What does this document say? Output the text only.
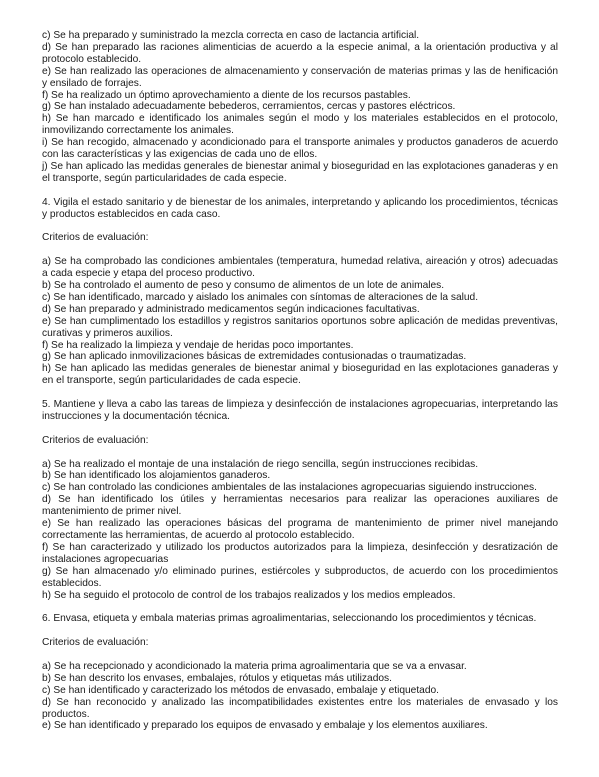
c) Se ha preparado y suministrado la mezcla correcta en caso de lactancia artificial.

d) Se han preparado las raciones alimenticias de acuerdo a la especie animal, a la orientación productiva y al protocolo establecido.

e) Se han realizado las operaciones de almacenamiento y conservación de materias primas y las de henificación y ensilado de forrajes.

f) Se ha realizado un óptimo aprovechamiento a diente de los recursos pastables.

g) Se han instalado adecuadamente bebederos, cerramientos, cercas y pastores eléctricos.

h) Se han marcado e identificado los animales según el modo y los materiales establecidos en el protocolo, inmovilizando correctamente los animales.

i) Se han recogido, almacenado y acondicionado para el transporte animales y productos ganaderos de acuerdo con las características y las exigencias de cada uno de ellos.

j) Se han aplicado las medidas generales de bienestar animal y bioseguridad en las explotaciones ganaderas y en el transporte, según particularidades de cada especie.

4. Vigila el estado sanitario y de bienestar de los animales, interpretando y aplicando los procedimientos, técnicas y productos establecidos en cada caso.

Criterios de evaluación:

a) Se ha comprobado las condiciones ambientales (temperatura, humedad relativa, aireación y otros) adecuadas a cada especie y etapa del proceso productivo.

b) Se ha controlado el aumento de peso y consumo de alimentos de un lote de animales.

c) Se han identificado, marcado y aislado los animales con síntomas de alteraciones de la salud.

d) Se han preparado y administrado medicamentos según indicaciones facultativas.

e) Se han cumplimentado los estadillos y registros sanitarios oportunos sobre aplicación de medidas preventivas, curativas y primeros auxilios.

f) Se ha realizado la limpieza y vendaje de heridas poco importantes.

g) Se han aplicado inmovilizaciones básicas de extremidades contusionadas o traumatizadas.

h) Se han aplicado las medidas generales de bienestar animal y bioseguridad en las explotaciones ganaderas y en el transporte, según particularidades de cada especie.

5. Mantiene y lleva a cabo las tareas de limpieza y desinfección de instalaciones agropecuarias, interpretando las instrucciones y la documentación técnica.

Criterios de evaluación:

a) Se ha realizado el montaje de una instalación de riego sencilla, según instrucciones recibidas.

b) Se han identificado los alojamientos ganaderos.

c) Se han controlado las condiciones ambientales de las instalaciones agropecuarias siguiendo instrucciones.

d) Se han identificado los útiles y herramientas necesarios para realizar las operaciones auxiliares de mantenimiento de primer nivel.

e) Se han realizado las operaciones básicas del programa de mantenimiento de primer nivel manejando correctamente las herramientas, de acuerdo al protocolo establecido.

f) Se han caracterizado y utilizado los productos autorizados para la limpieza, desinfección y desratización de instalaciones agropecuarias

g) Se han almacenado y/o eliminado purines, estiércoles y subproductos, de acuerdo con los procedimientos establecidos.

h) Se ha seguido el protocolo de control de los trabajos realizados y los medios empleados.

6. Envasa, etiqueta y embala materias primas agroalimentarias, seleccionando los procedimientos y técnicas.

Criterios de evaluación:

a) Se ha recepcionado y acondicionado la materia prima agroalimentaria que se va a envasar.

b) Se han descrito los envases, embalajes, rótulos y etiquetas más utilizados.

c) Se han identificado y caracterizado los métodos de envasado, embalaje y etiquetado.

d) Se han reconocido y analizado las incompatibilidades existentes entre los materiales de envasado y los productos.

e) Se han identificado y preparado los equipos de envasado y embalaje y los elementos auxiliares.
